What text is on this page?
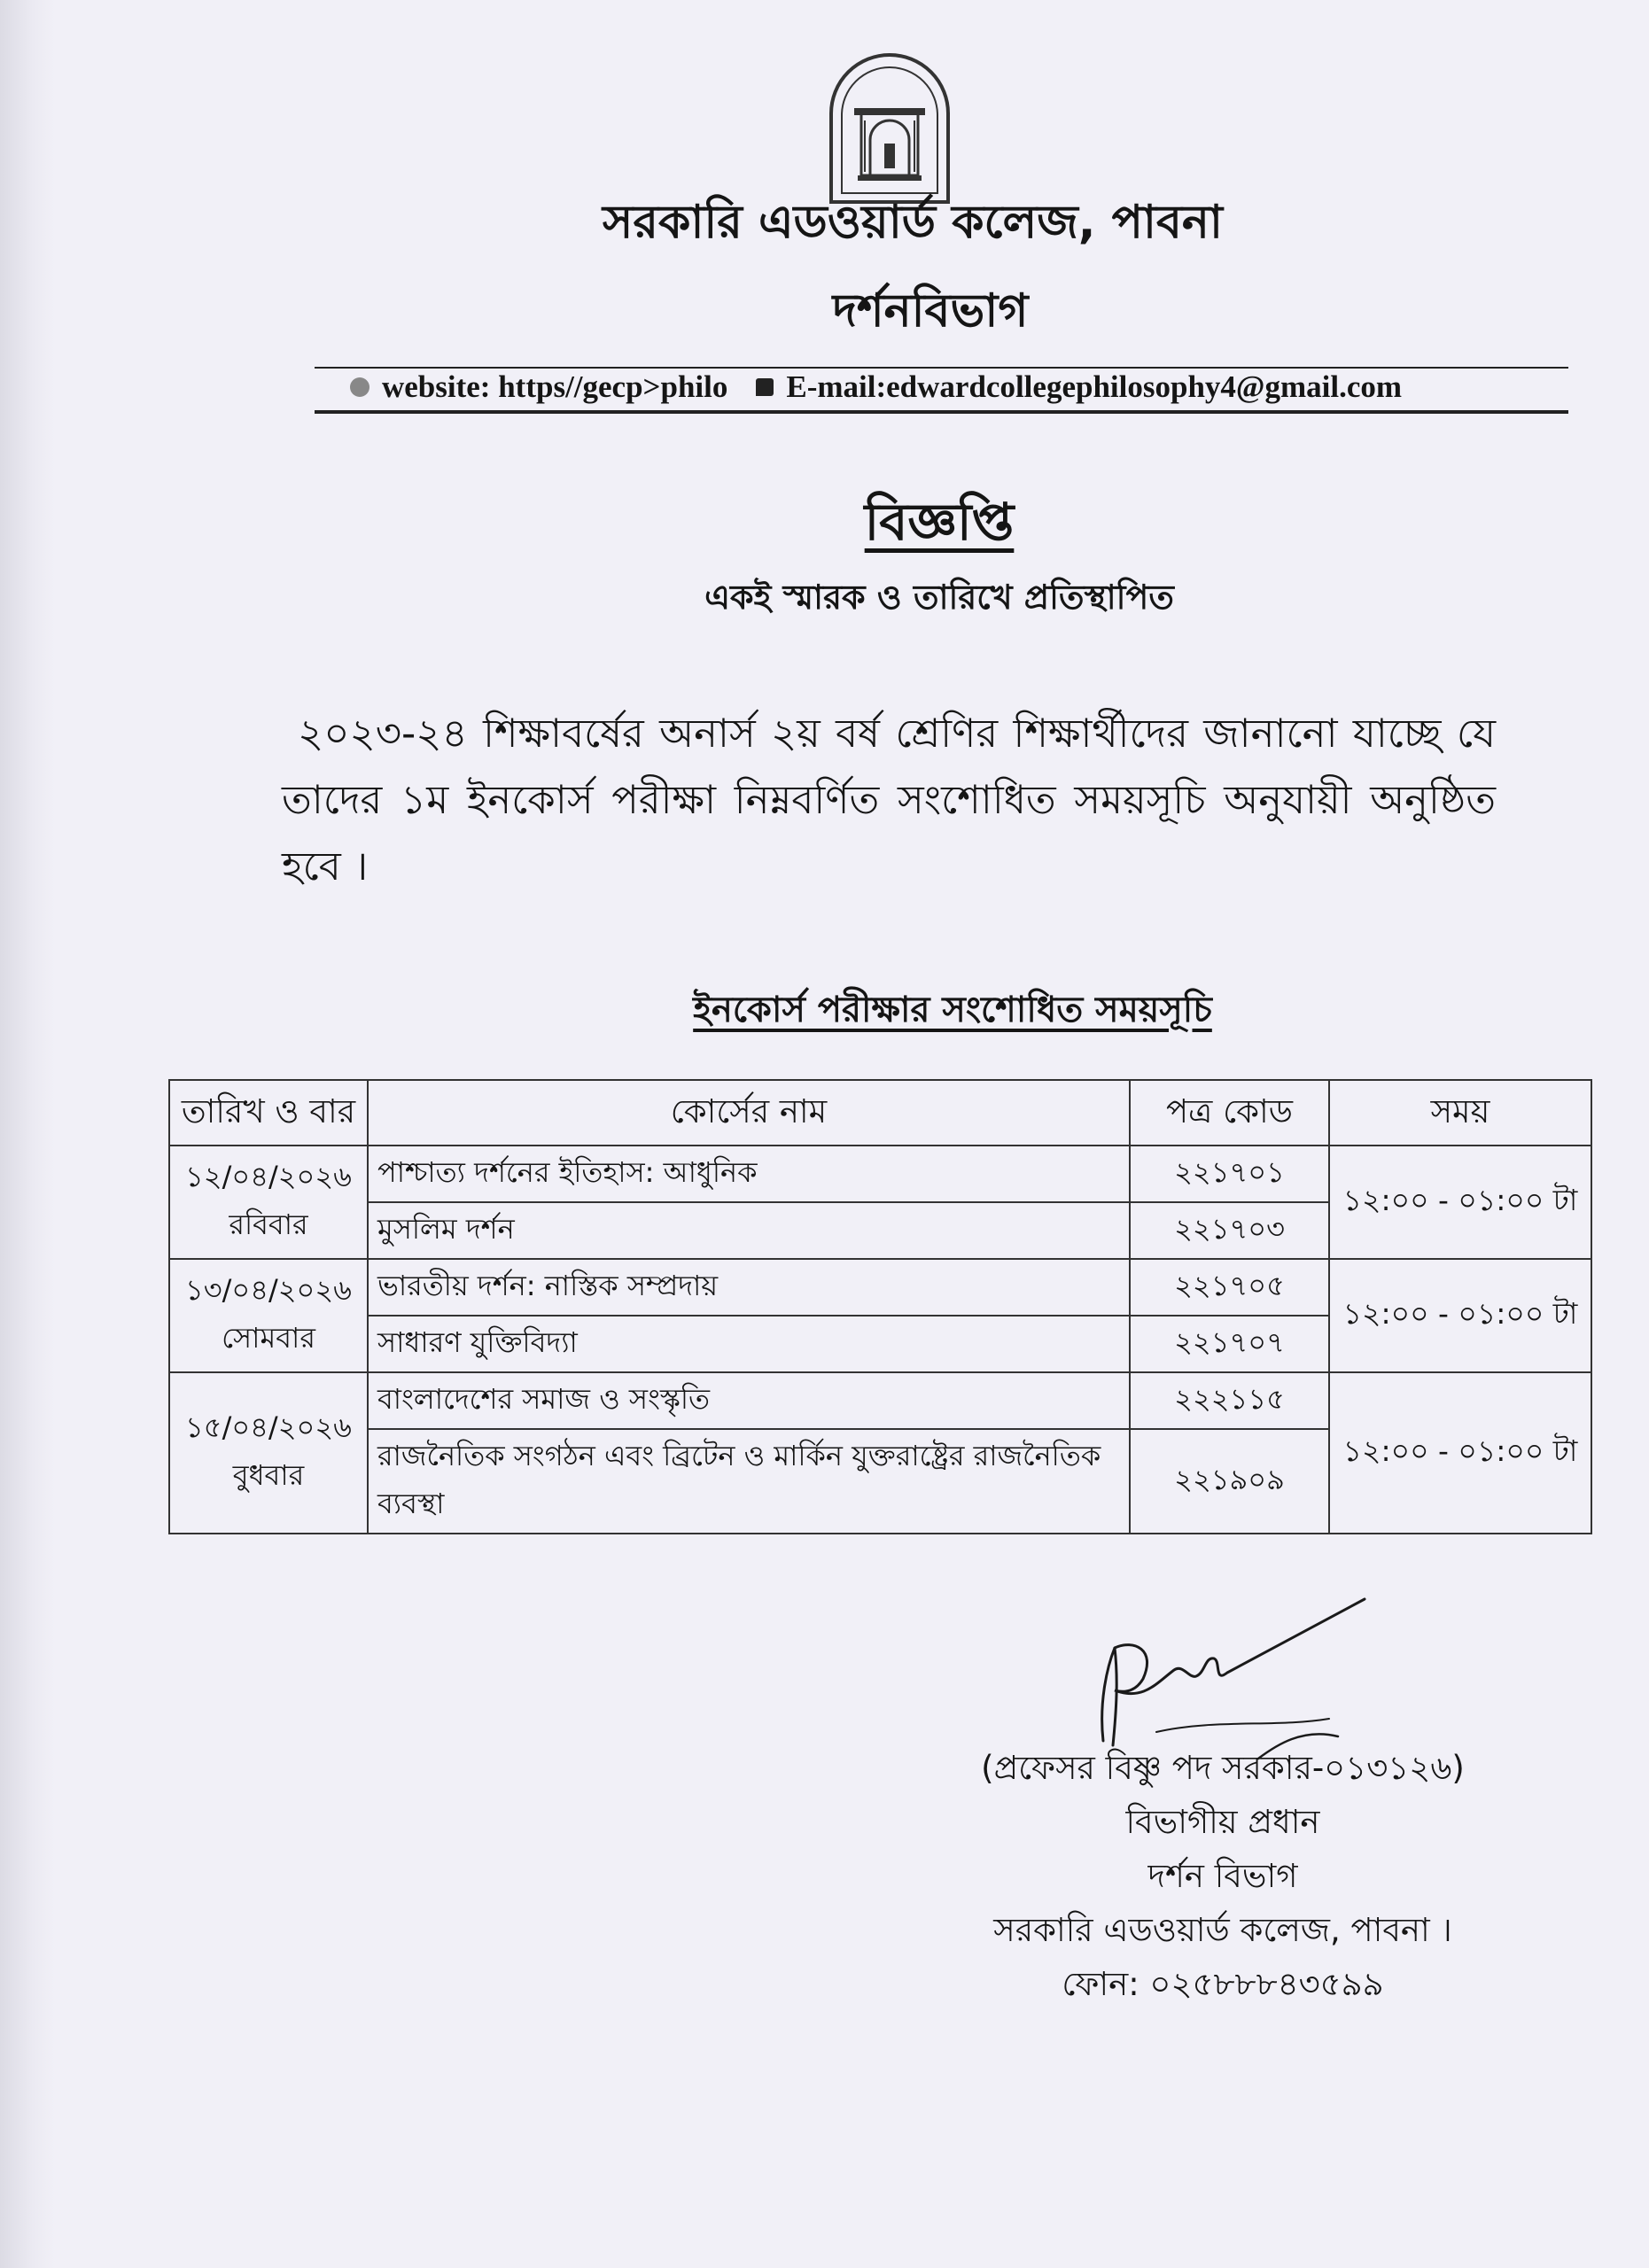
সরকারি এডওয়ার্ড কলেজ, পাবনা
দর্শনবিভাগ
website: https//gecp>philo E-mail:edwardcollegephilosophy4@gmail.com
বিজ্ঞপ্তি
একই স্মারক ও তারিখে প্রতিস্থাপিত
২০২৩-২৪ শিক্ষাবর্ষের অনার্স ২য় বর্ষ শ্রেণির শিক্ষার্থীদের জানানো যাচ্ছে যে তাদের ১ম ইনকোর্স পরীক্ষা নিম্নবর্ণিত সংশোধিত সময়সূচি অনুযায়ী অনুষ্ঠিত হবে ।
ইনকোর্স পরীক্ষার সংশোধিত সময়সূচি
তারিখ ও বার	কোর্সের নাম	পত্র কোড	সময়

১২/০৪/২০২৬
রবিবার	পাশ্চাত্য দর্শনের ইতিহাস: আধুনিক	২২১৭০১	১২:০০ - ০১:০০ টা
	মুসলিম দর্শন	২২১৭০৩	

১৩/০৪/২০২৬
সোমবার	ভারতীয় দর্শন: নাস্তিক সম্প্রদায়	২২১৭০৫	১২:০০ - ০১:০০ টা
	সাধারণ যুক্তিবিদ্যা	২২১৭০৭	

১৫/০৪/২০২৬
বুধবার	বাংলাদেশের সমাজ ও সংস্কৃতি	২২২১১৫	১২:০০ - ০১:০০ টা
	রাজনৈতিক সংগঠন এবং ব্রিটেন ও মার্কিন যুক্তরাষ্ট্রের রাজনৈতিক ব্যবস্থা	২২১৯০৯	
(প্রফেসর বিষ্ণু পদ সরকার-০১৩১২৬)
বিভাগীয় প্রধান
দর্শন বিভাগ
সরকারি এডওয়ার্ড কলেজ, পাবনা ।
ফোন: ০২৫৮৮৮৪৩৫৯৯
